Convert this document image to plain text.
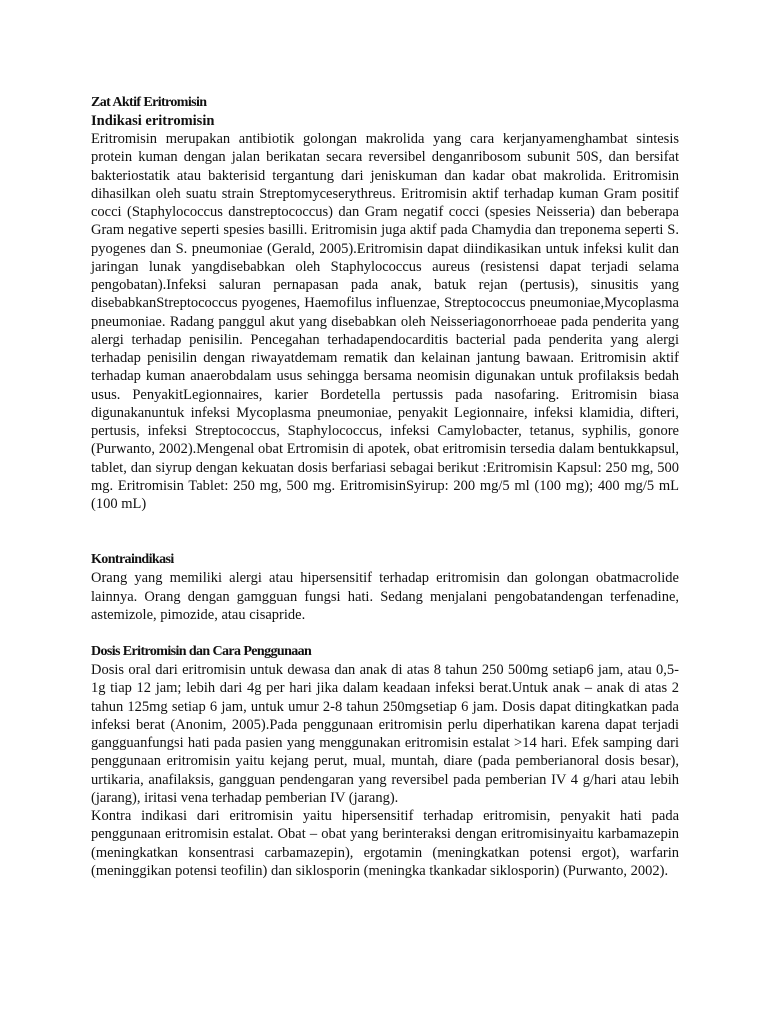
Zat Aktif Eritromisin

Indikasi eritromisin

Eritromisin merupakan antibiotik golongan makrolida yang cara kerjanyamenghambat sintesis protein kuman dengan jalan berikatan secara reversibel denganribosom subunit 50S, dan bersifat bakteriostatik atau bakterisid tergantung dari jeniskuman dan kadar obat makrolida. Eritromisin dihasilkan oleh suatu strain Streptomyceserythreus. Eritromisin aktif terhadap kuman Gram positif cocci (Staphylococcus danstreptococcus) dan Gram negatif cocci (spesies Neisseria) dan beberapa Gram negative seperti spesies basilli. Eritromisin juga aktif pada Chamydia dan treponema seperti S. pyogenes dan S. pneumoniae (Gerald, 2005).Eritromisin dapat diindikasikan untuk infeksi kulit dan jaringan lunak yangdisebabkan oleh Staphylococcus aureus (resistensi dapat terjadi selama pengobatan).Infeksi saluran pernapasan pada anak, batuk rejan (pertusis), sinusitis yang disebabkanStreptococcus pyogenes, Haemofilus influenzae, Streptococcus pneumoniae,Mycoplasma pneumoniae. Radang panggul akut yang disebabkan oleh Neisseriagonorrhoeae pada penderita yang alergi terhadap penisilin. Pencegahan terhadapendocarditis bacterial pada penderita yang alergi terhadap penisilin dengan riwayatdemam rematik dan kelainan jantung bawaan. Eritromisin aktif terhadap kuman anaerobdalam usus sehingga bersama neomisin digunakan untuk profilaksis bedah usus. PenyakitLegionnaires, karier Bordetella pertussis pada nasofaring. Eritromisin biasa digunakanuntuk infeksi Mycoplasma pneumoniae, penyakit Legionnaire, infeksi klamidia, difteri, pertusis, infeksi Streptococcus, Staphylococcus, infeksi Camylobacter, tetanus, syphilis, gonore (Purwanto, 2002).Mengenal obat Ertromisin di apotek, obat eritromisin tersedia dalam bentukkapsul, tablet, dan siyrup dengan kekuatan dosis berfariasi sebagai berikut :Eritromisin Kapsul: 250 mg, 500 mg. Eritromisin Tablet: 250 mg, 500 mg. EritromisinSyirup: 200 mg/5 ml (100 mg); 400 mg/5 mL (100 mL)

Kontraindikasi

Orang yang memiliki alergi atau hipersensitif terhadap eritromisin dan golongan obatmacrolide lainnya. Orang dengan gamgguan fungsi hati. Sedang menjalani pengobatandengan terfenadine, astemizole, pimozide, atau cisapride.

Dosis Eritromisin dan Cara Penggunaan

Dosis oral dari eritromisin untuk dewasa dan anak di atas 8 tahun 250 500mg setiap6 jam, atau 0,5-1g tiap 12 jam; lebih dari 4g per hari jika dalam keadaan infeksi berat.Untuk anak – anak di atas 2 tahun 125mg setiap 6 jam, untuk umur 2-8 tahun 250mgsetiap 6 jam. Dosis dapat ditingkatkan pada infeksi berat (Anonim, 2005).Pada penggunaan eritromisin perlu diperhatikan karena dapat terjadi gangguanfungsi hati pada pasien yang menggunakan eritromisin estalat >14 hari. Efek samping dari penggunaan eritromisin yaitu kejang perut, mual, muntah, diare (pada pemberianoral dosis besar), urtikaria, anafilaksis, gangguan pendengaran yang reversibel pada pemberian IV 4 g/hari atau lebih (jarang), iritasi vena terhadap pemberian IV (jarang).

Kontra indikasi dari eritromisin yaitu hipersensitif terhadap eritromisin, penyakit hati pada penggunaan eritromisin estalat. Obat – obat yang berinteraksi dengan eritromisinyaitu karbamazepin (meningkatkan konsentrasi carbamazepin), ergotamin (meningkatkan potensi ergot), warfarin (meninggikan potensi teofilin) dan siklosporin (meningka tkankadar siklosporin) (Purwanto, 2002).
